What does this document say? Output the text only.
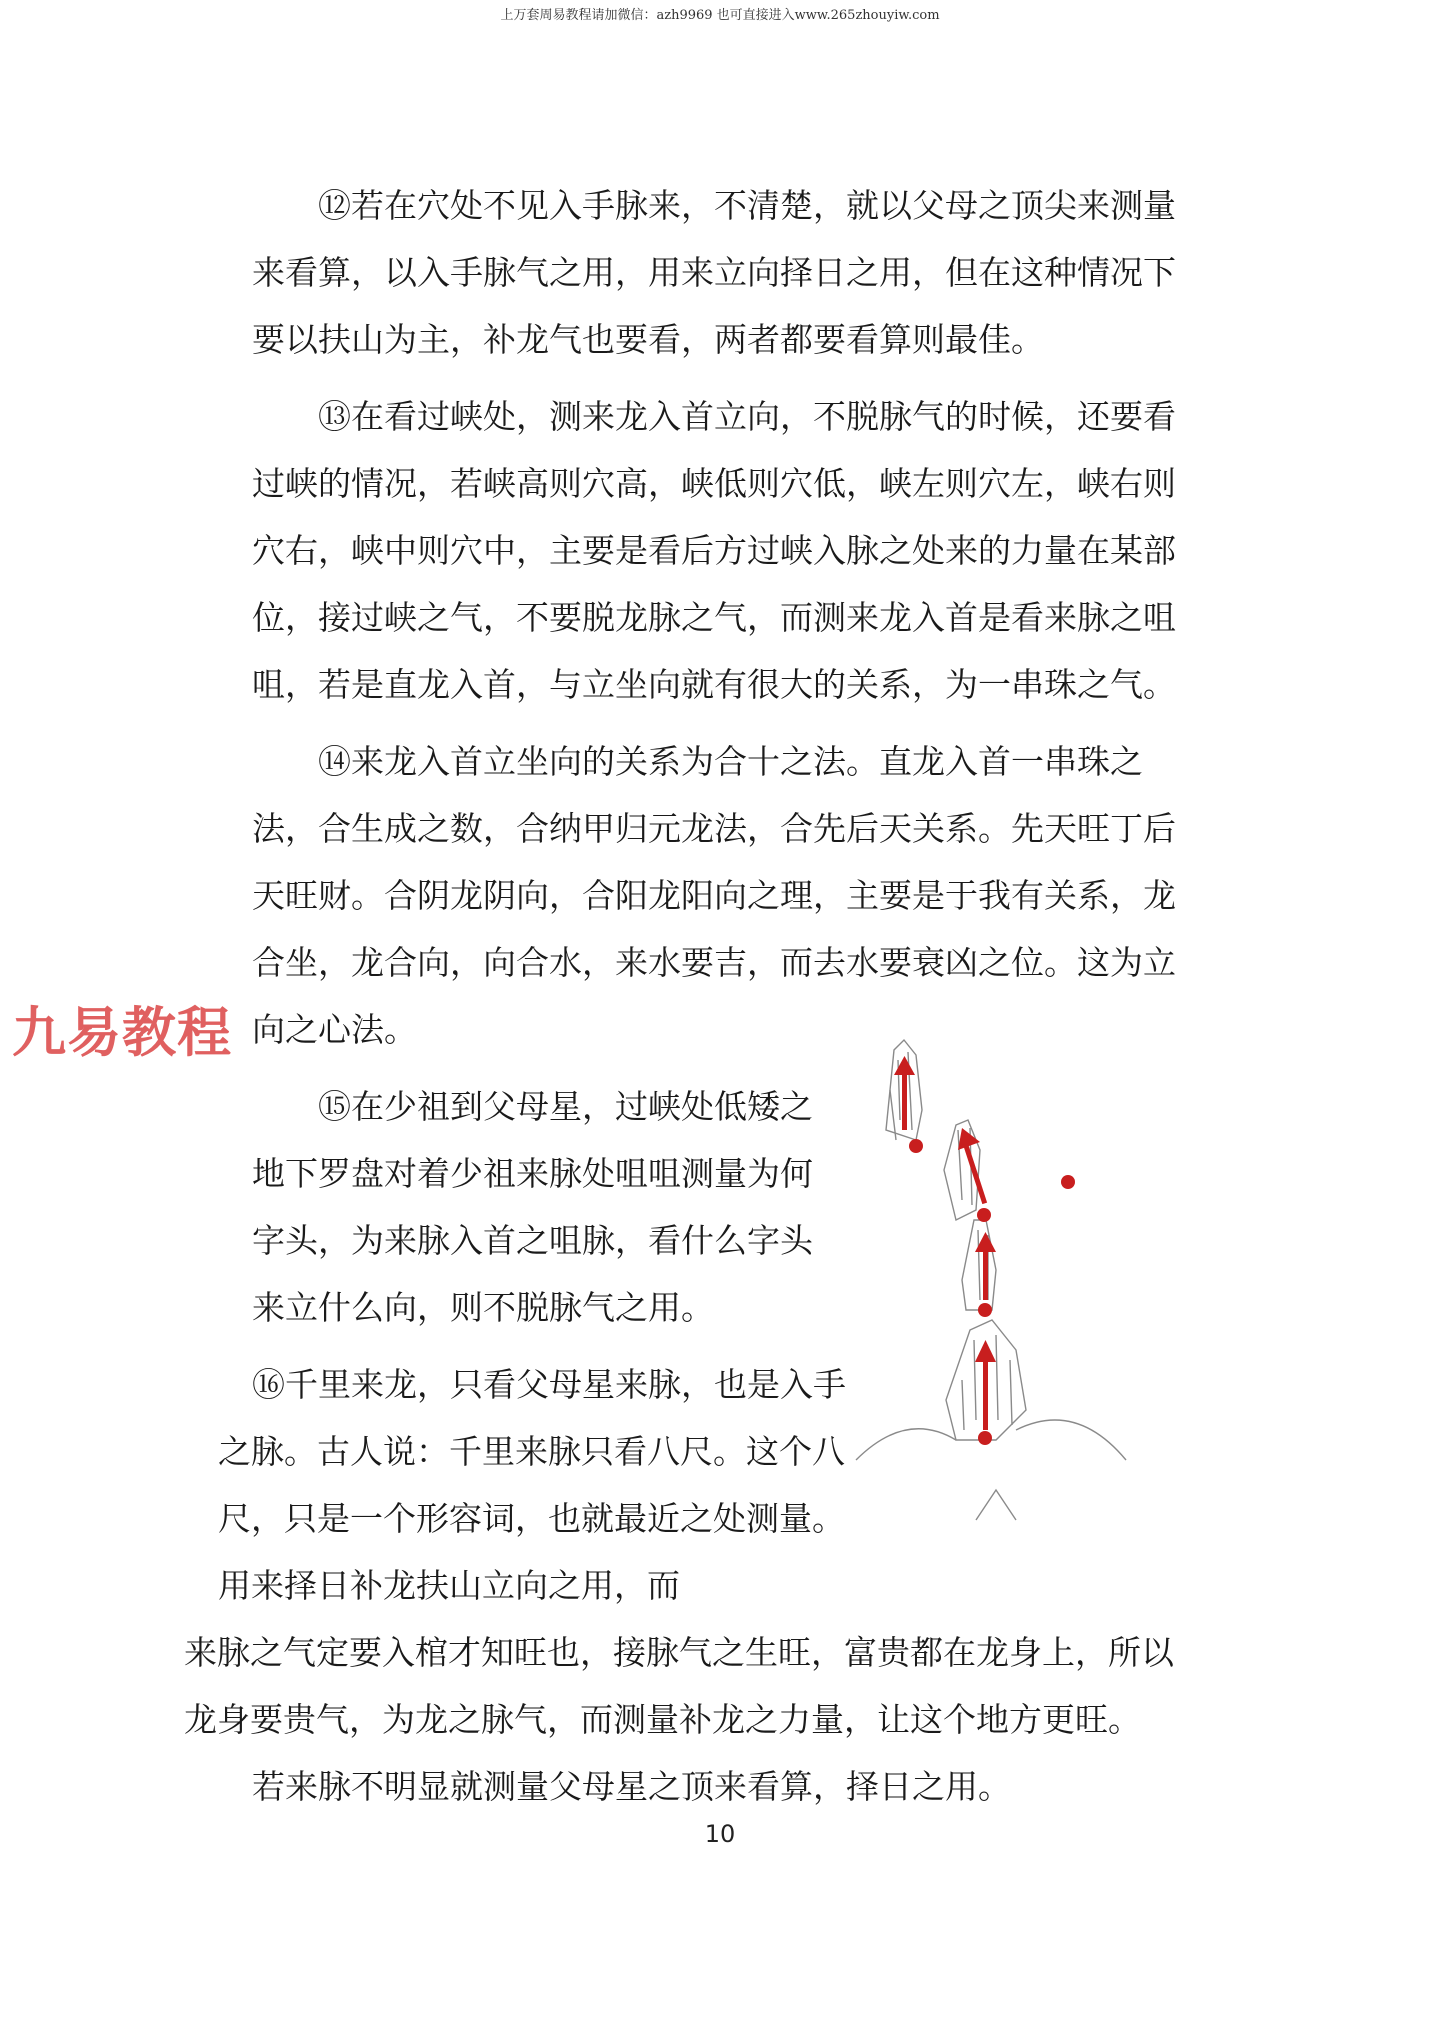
上万套周易教程请加微信：azh9969 也可直接进入www.265zhouyiw.com

⑫若在穴处不见入手脉来，不清楚，就以父母之顶尖来测量来看算，以入手脉气之用，用来立向择日之用，但在这种情况下要以扶山为主，补龙气也要看，两者都要看算则最佳。

⑬在看过峡处，测来龙入首立向，不脱脉气的时候，还要看过峡的情况，若峡高则穴高，峡低则穴低，峡左则穴左，峡右则穴右，峡中则穴中，主要是看后方过峡入脉之处来的力量在某部位，接过峡之气，不要脱龙脉之气，而测来龙入首是看来脉之咀咀，若是直龙入首，与立坐向就有很大的关系，为一串珠之气。

⑭来龙入首立坐向的关系为合十之法。直龙入首一串珠之法，合生成之数，合纳甲归元龙法，合先后天关系。先天旺丁后天旺财。合阴龙阴向，合阳龙阳向之理，主要是于我有关系，龙合坐，龙合向，向合水，来水要吉，而去水要衰凶之位。这为立向之心法。

⑮在少祖到父母星，过峡处低矮之地下罗盘对着少祖来脉处咀咀测量为何字头，为来脉入首之咀脉，看什么字头来立什么向，则不脱脉气之用。

⑯千里来龙，只看父母星来脉，也是入手之脉。古人说：千里来脉只看八尺。这个八尺，只是一个形容词，也就最近之处测量。用来择日补龙扶山立向之用，而
来脉之气定要入棺才知旺也，接脉气之生旺，富贵都在龙身上，所以龙身要贵气，为龙之脉气，而测量补龙之力量，让这个地方更旺。

若来脉不明显就测量父母星之顶来看算，择日之用。

九易教程
10
